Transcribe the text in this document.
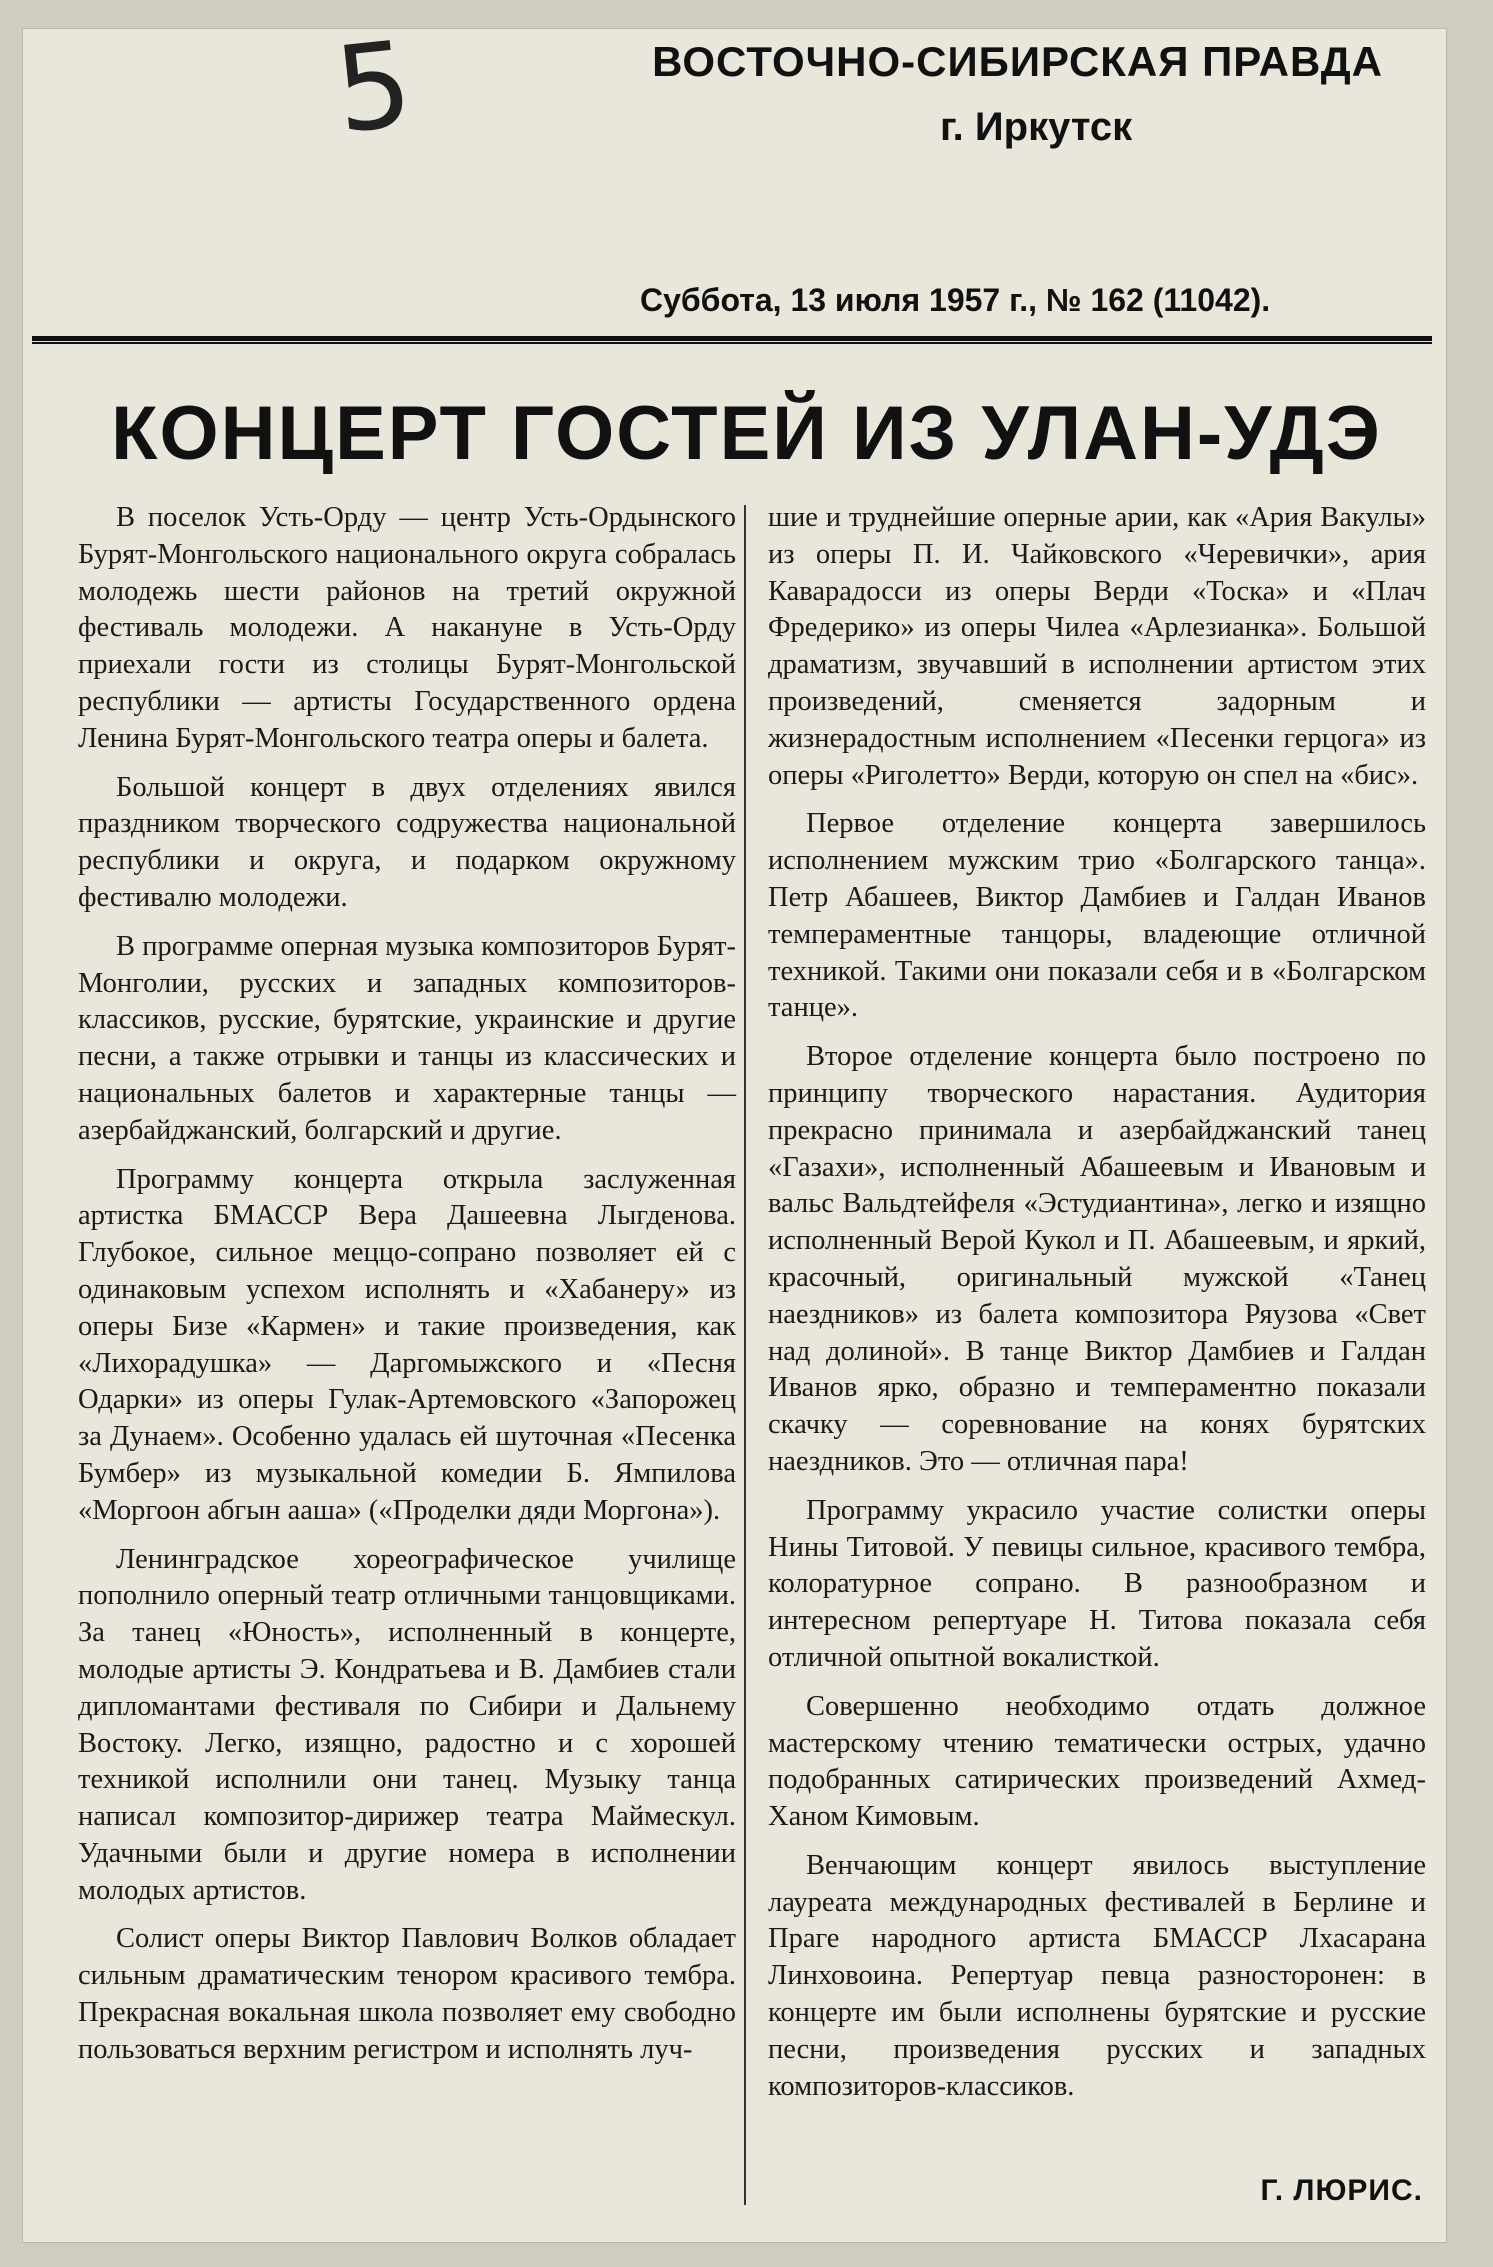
5	ВОСТОЧНО-СИБИРСКАЯ ПРАВДА
г. Иркутск
Суббота, 13 июля 1957 г., № 162 (11042).
КОНЦЕРТ ГОСТЕЙ ИЗ УЛАН-УДЭ

В поселок Усть-Орду — центр Усть-Ордынского Бурят-Монгольского национального округа собралась молодежь шести районов на третий окружной фестиваль молодежи. А накануне в Усть-Орду приехали гости из столицы Бурят-Монгольской республики — артисты Государственного ордена Ленина Бурят-Монгольского театра оперы и балета.

Большой концерт в двух отделениях явился праздником творческого содружества национальной республики и округа, и подарком окружному фестивалю молодежи.

В программе оперная музыка композиторов Бурят-Монголии, русских и западных композиторов-классиков, русские, бурятские, украинские и другие песни, а также отрывки и танцы из классических и национальных балетов и характерные танцы — азербайджанский, болгарский и другие.

Программу концерта открыла заслуженная артистка БМАССР Вера Дашеевна Лыгденова. Глубокое, сильное меццо-сопрано позволяет ей с одинаковым успехом исполнять и «Хабанеру» из оперы Бизе «Кармен» и такие произведения, как «Лихорадушка» — Даргомыжского и «Песня Одарки» из оперы Гулак-Артемовского «Запорожец за Дунаем». Особенно удалась ей шуточная «Песенка Бумбер» из музыкальной комедии Б. Ямпилова «Моргоон абгын ааша» («Проделки дяди Моргона»).

Ленинградское хореографическое училище пополнило оперный театр отличными танцовщиками. За танец «Юность», исполненный в концерте, молодые артисты Э. Кондратьева и В. Дамбиев стали дипломантами фестиваля по Сибири и Дальнему Востоку. Легко, изящно, радостно и с хорошей техникой исполнили они танец. Музыку танца написал композитор-дирижер театра Маймескул. Удачными были и другие номера в исполнении молодых артистов.

Солист оперы Виктор Павлович Волков обладает сильным драматическим тенором красивого тембра. Прекрасная вокальная школа позволяет ему свободно пользоваться верхним регистром и исполнять луч-

шие и труднейшие оперные арии, как «Ария Вакулы» из оперы П. И. Чайковского «Черевички», ария Каварадосси из оперы Верди «Тоска» и «Плач Фредерико» из оперы Чилеа «Арлезианка». Большой драматизм, звучавший в исполнении артистом этих произведений, сменяется задорным и жизнерадостным исполнением «Песенки герцога» из оперы «Риголетто» Верди, которую он спел на «бис».

Первое отделение концерта завершилось исполнением мужским трио «Болгарского танца». Петр Абашеев, Виктор Дамбиев и Галдан Иванов темпераментные танцоры, владеющие отличной техникой. Такими они показали себя и в «Болгарском танце».

Второе отделение концерта было построено по принципу творческого нарастания. Аудитория прекрасно принимала и азербайджанский танец «Газахи», исполненный Абашеевым и Ивановым и вальс Вальдтейфеля «Эстудиантина», легко и изящно исполненный Верой Кукол и П. Абашеевым, и яркий, красочный, оригинальный мужской «Танец наездников» из балета композитора Ряузова «Свет над долиной». В танце Виктор Дамбиев и Галдан Иванов ярко, образно и темпераментно показали скачку — соревнование на конях бурятских наездников. Это — отличная пара!

Программу украсило участие солистки оперы Нины Титовой. У певицы сильное, красивого тембра, колоратурное сопрано. В разнообразном и интересном репертуаре Н. Титова показала себя отличной опытной вокалисткой.

Совершенно необходимо отдать должное мастерскому чтению тематически острых, удачно подобранных сатирических произведений Ахмед-Ханом Кимовым.

Венчающим концерт явилось выступление лауреата международных фестивалей в Берлине и Праге народного артиста БМАССР Лхасарана Линховоина. Репертуар певца разносторонен: в концерте им были исполнены бурятские и русские песни, произведения русских и западных композиторов-классиков.

Г. ЛЮРИС.
